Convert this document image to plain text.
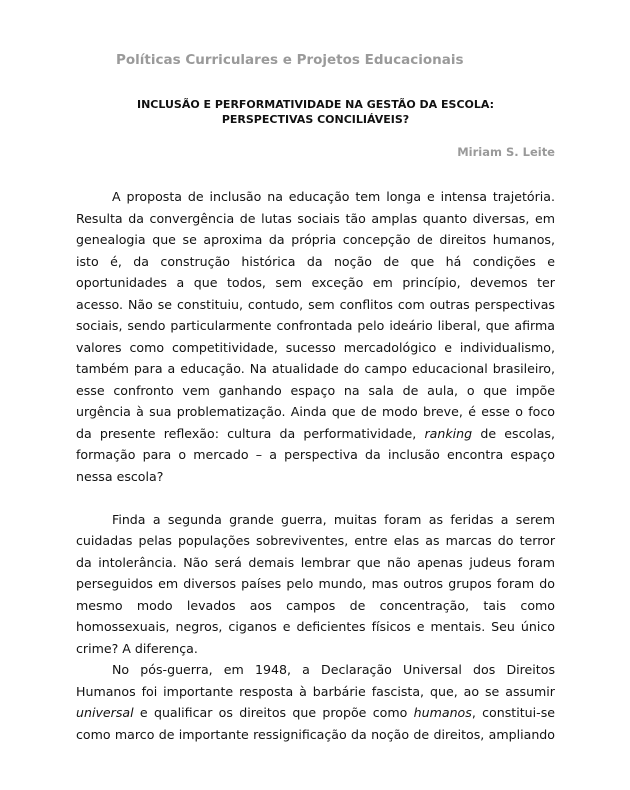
Políticas Curriculares e Projetos Educacionais
INCLUSÃO E PERFORMATIVIDADE NA GESTÃO DA ESCOLA:
PERSPECTIVAS CONCILIÁVEIS?
Miriam S. Leite

A proposta de inclusão na educação tem longa e intensa trajetória.
Resulta da convergência de lutas sociais tão amplas quanto diversas, em
genealogia que se aproxima da própria concepção de direitos humanos,
isto é, da construção histórica da noção de que há condições e
oportunidades a que todos, sem exceção em princípio, devemos ter
acesso. Não se constituiu, contudo, sem conflitos com outras perspectivas
sociais, sendo particularmente confrontada pelo ideário liberal, que afirma
valores como competitividade, sucesso mercadológico e individualismo,
também para a educação. Na atualidade do campo educacional brasileiro,
esse confronto vem ganhando espaço na sala de aula, o que impõe
urgência à sua problematização. Ainda que de modo breve, é esse o foco
da presente reflexão: cultura da performatividade, ranking de escolas,
formação para o mercado – a perspectiva da inclusão encontra espaço
nessa escola?

Finda a segunda grande guerra, muitas foram as feridas a serem
cuidadas pelas populações sobreviventes, entre elas as marcas do terror
da intolerância. Não será demais lembrar que não apenas judeus foram
perseguidos em diversos países pelo mundo, mas outros grupos foram do
mesmo modo levados aos campos de concentração, tais como
homossexuais, negros, ciganos e deficientes físicos e mentais. Seu único
crime? A diferença.

No pós-guerra, em 1948, a Declaração Universal dos Direitos
Humanos foi importante resposta à barbárie fascista, que, ao se assumir
universal e qualificar os direitos que propõe como humanos, constitui-se
como marco de importante ressignificação da noção de direitos, ampliando
